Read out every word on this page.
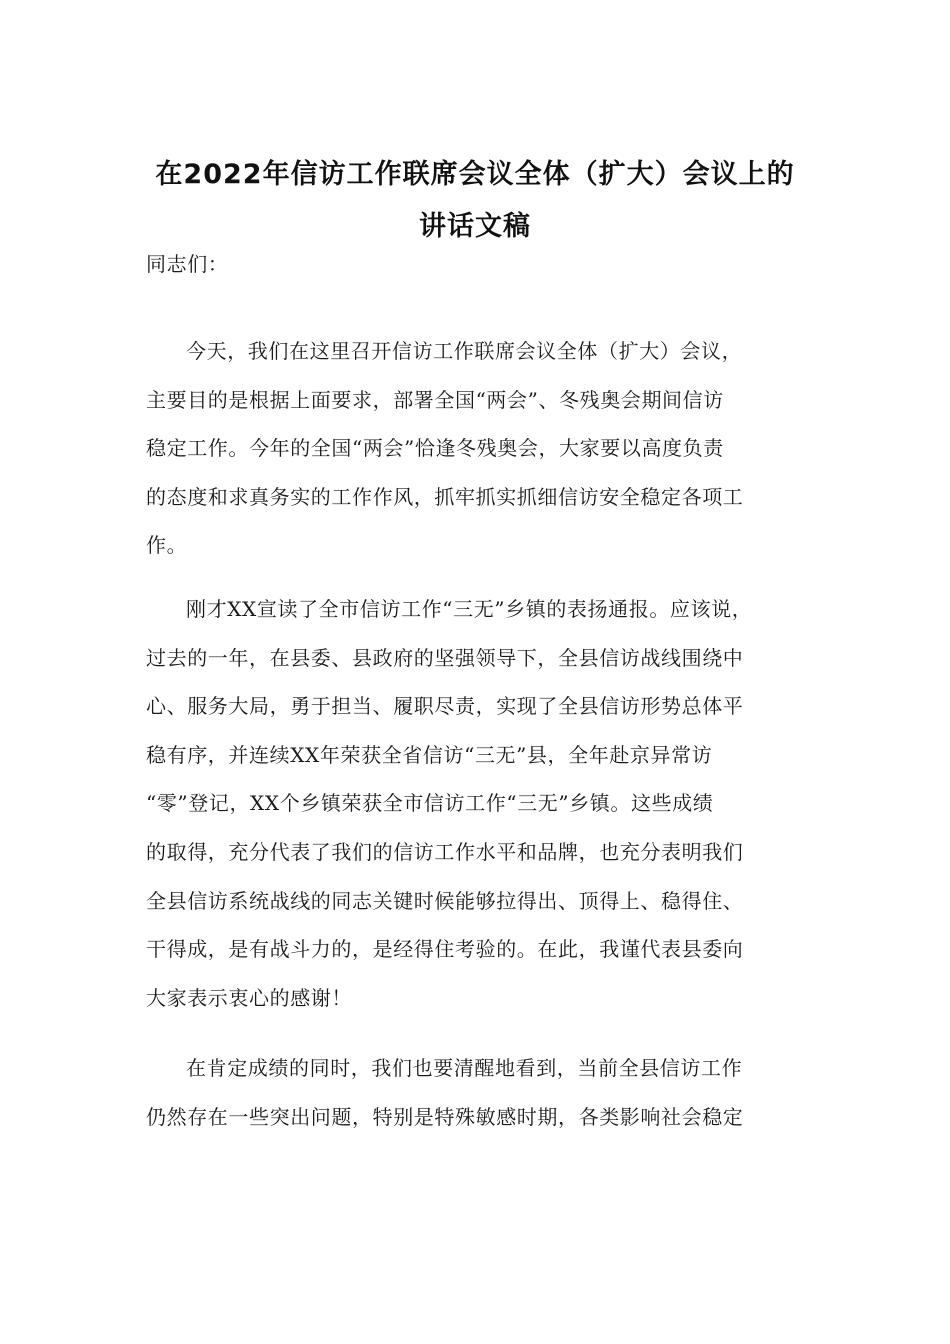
在2022年信访工作联席会议全体（扩大）会议上的
讲话文稿
同志们：
今天，我们在这里召开信访工作联席会议全体（扩大）会议，
主要目的是根据上面要求，部署全国“两会”、冬残奥会期间信访
稳定工作。今年的全国“两会”恰逢冬残奥会，大家要以高度负责
的态度和求真务实的工作作风，抓牢抓实抓细信访安全稳定各项工
作。
刚才XX宣读了全市信访工作“三无”乡镇的表扬通报。应该说，
过去的一年，在县委、县政府的坚强领导下，全县信访战线围绕中
心、服务大局，勇于担当、履职尽责，实现了全县信访形势总体平
稳有序，并连续XX年荣获全省信访“三无”县，全年赴京异常访
“零”登记，XX个乡镇荣获全市信访工作“三无”乡镇。这些成绩
的取得，充分代表了我们的信访工作水平和品牌，也充分表明我们
全县信访系统战线的同志关键时候能够拉得出、顶得上、稳得住、
干得成，是有战斗力的，是经得住考验的。在此，我谨代表县委向
大家表示衷心的感谢！
在肯定成绩的同时，我们也要清醒地看到，当前全县信访工作
仍然存在一些突出问题，特别是特殊敏感时期，各类影响社会稳定
